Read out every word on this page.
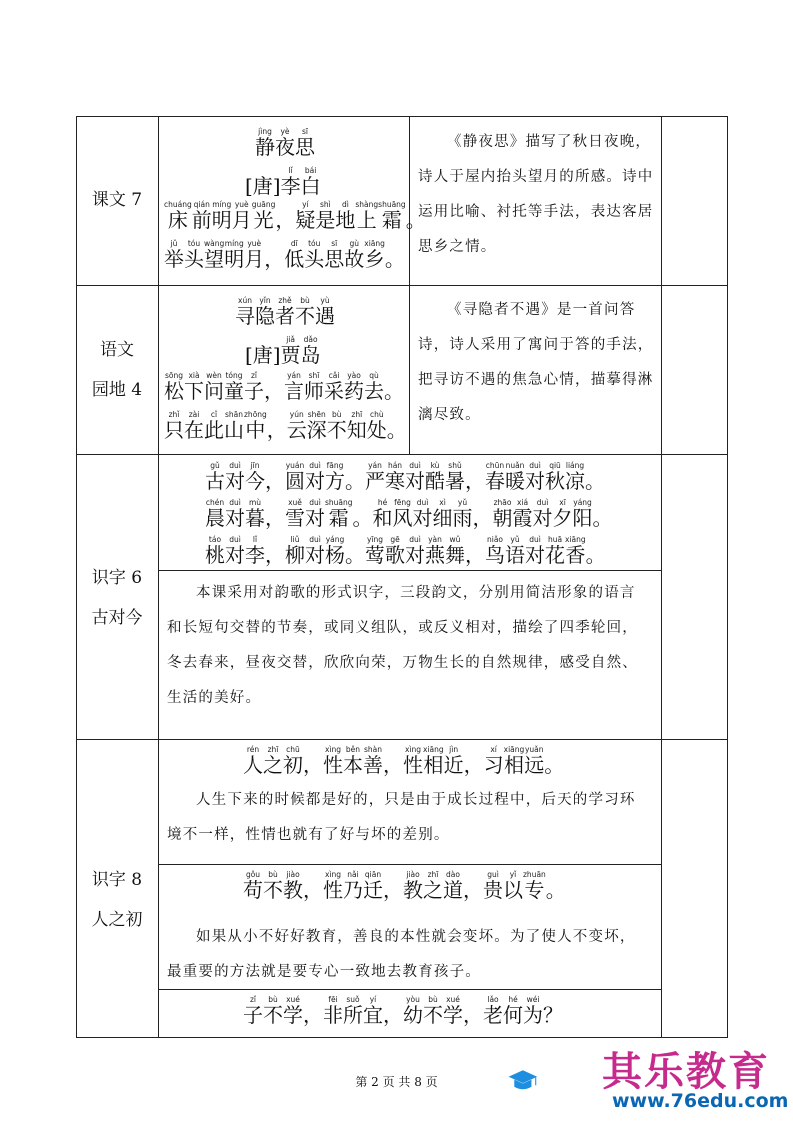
课文 7
语文
园地 4
识字 6
古对今
识字 8
人之初
静jìng夜yè思sī
[唐]李lǐ白bái
床chuáng前qián明míng月yuè光guāng，疑yí是shì地dì上shàng霜shuāng。
举jǔ头tóu望wàng明míng月yuè，低dī头tóu思sī故gù乡xiāng。

《静夜思》描写了秋日夜晚，

诗人于屋内抬头望月的所感。诗中

运用比喻、衬托等手法，表达客居

思乡之情。

寻xún隐yǐn者zhě不bù遇yù
[唐]贾jiǎ岛dǎo
松sōng下xià问wèn童tóng子zǐ，言yán师shī采cǎi药yào去qù。
只zhǐ在zài此cǐ山shān中zhōng，云yún深shēn不bù知zhī处chù。

《寻隐者不遇》是一首问答

诗，诗人采用了寓问于答的手法，

把寻访不遇的焦急心情，描摹得淋

漓尽致。

古gǔ对duì今jīn，圆yuán对duì方fāng。严yán寒hán对duì酷kù暑shǔ，春chūn暖nuǎn对duì秋qiū凉liáng。
晨chén对duì暮mù，雪xuě对duì霜shuāng。和hé风fēng对duì细xì雨yǔ，朝zhāo霞xiá对duì夕xī阳yáng。
桃táo对duì李lǐ，柳liǔ对duì杨yáng。莺yīng歌gē对duì燕yàn舞wǔ，鸟niǎo语yǔ对duì花huā香xiāng。

本课采用对韵歌的形式识字，三段韵文，分别用简洁形象的语言

和长短句交替的节奏，或同义组队，或反义相对，描绘了四季轮回，

冬去春来，昼夜交替，欣欣向荣，万物生长的自然规律，感受自然、

生活的美好。

人rén之zhī初chū，性xìng本běn善shàn，性xìng相xiāng近jìn，习xí相xiāng远yuǎn。

人生下来的时候都是好的，只是由于成长过程中，后天的学习环

境不一样，性情也就有了好与坏的差别。

苟gǒu不bù教jiào，性xìng乃nǎi迁qiān，教jiào之zhī道dào，贵guì以yǐ专zhuān。

如果从小不好好教育，善良的本性就会变坏。为了使人不变坏，

最重要的方法就是要专心一致地去教育孩子。

子zǐ不bù学xué，非fēi所suǒ宜yí，幼yòu不bù学xué，老lǎo何hé为wéi？
第 2 页 共 8 页	其乐教育
www.76edu.com
